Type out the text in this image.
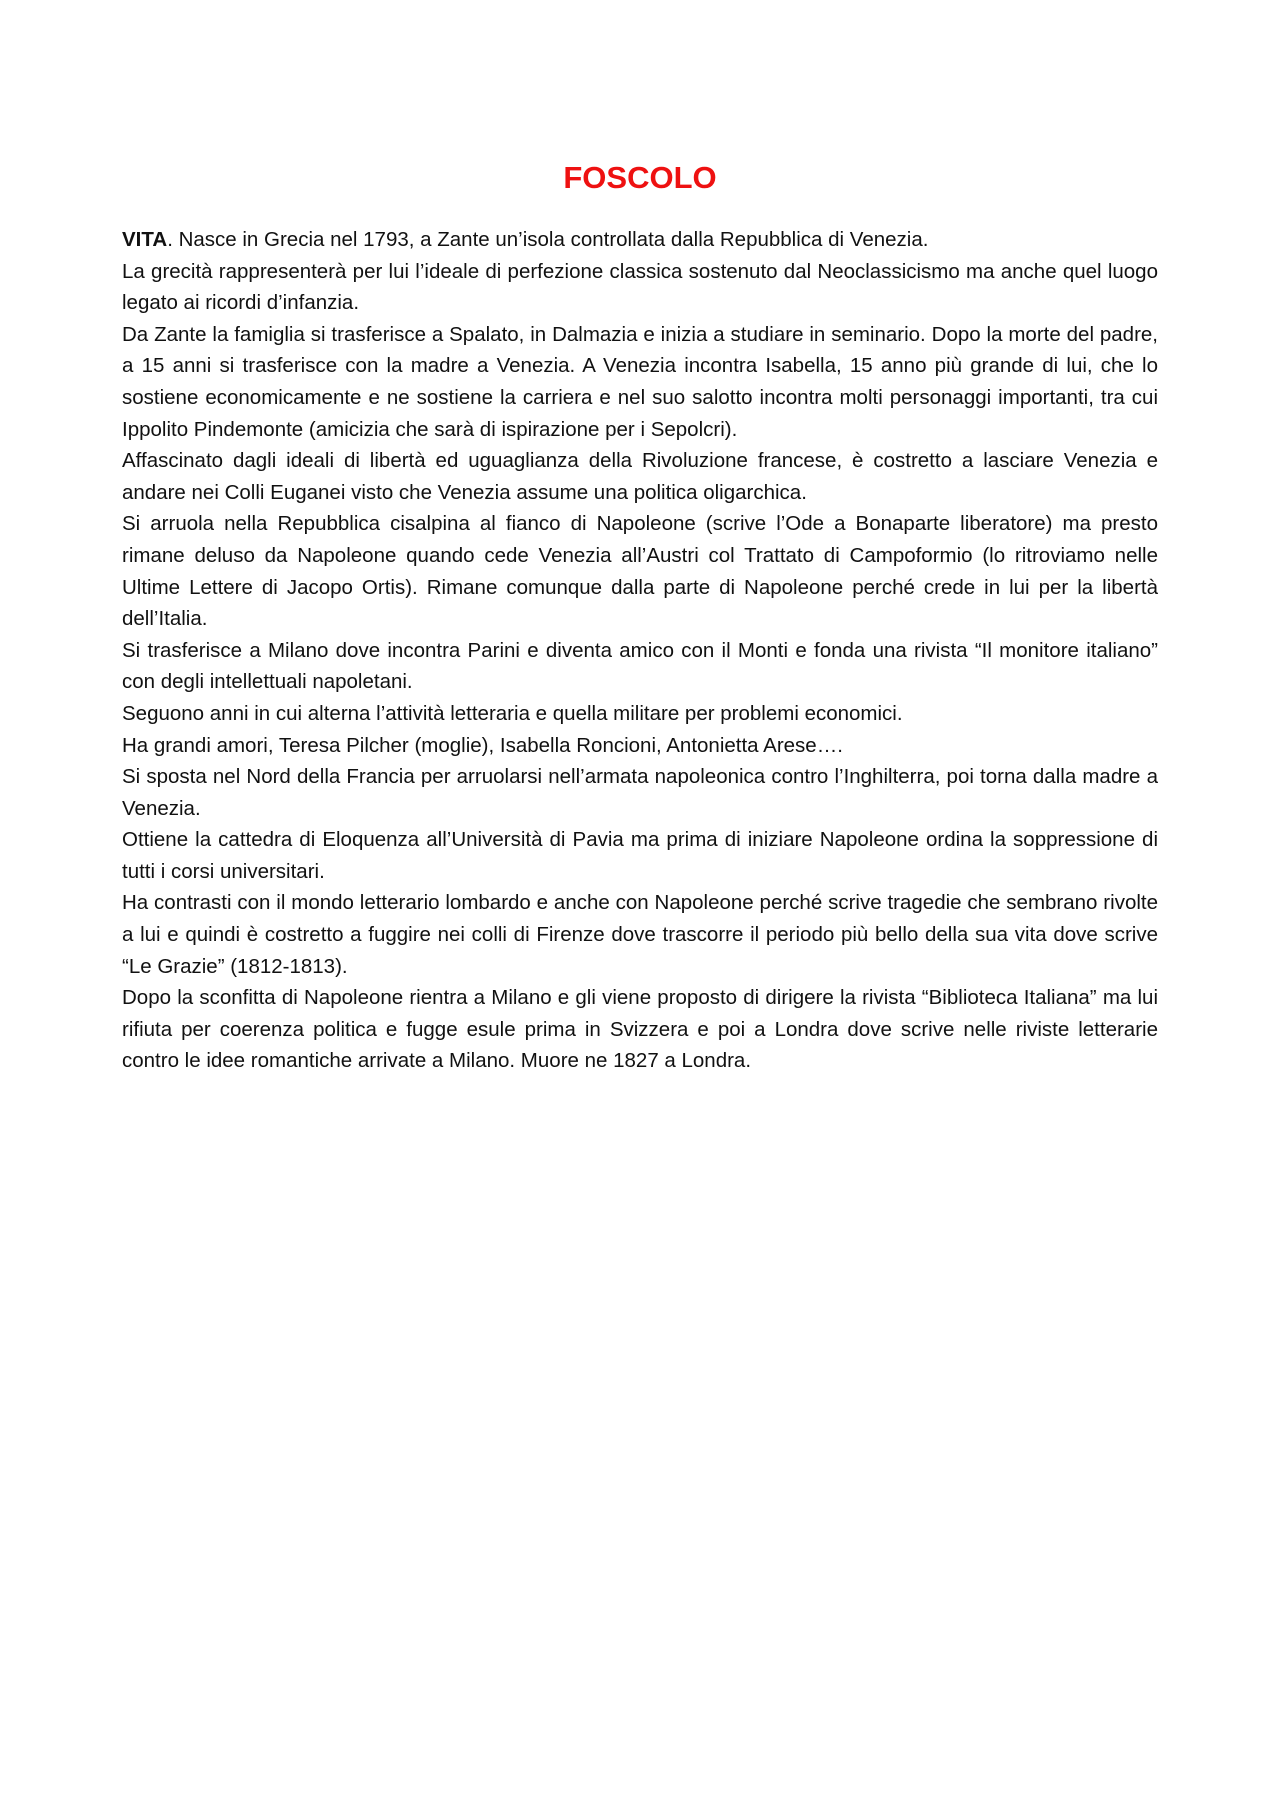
FOSCOLO

VITA. Nasce in Grecia nel 1793, a Zante un’isola controllata dalla Repubblica di Venezia.

La grecità rappresenterà per lui l’ideale di perfezione classica sostenuto dal Neoclassicismo ma anche quel luogo legato ai ricordi d’infanzia.

Da Zante la famiglia si trasferisce a Spalato, in Dalmazia e inizia a studiare in seminario. Dopo la morte del padre, a 15 anni si trasferisce con la madre a Venezia. A Venezia incontra Isabella, 15 anno più grande di lui, che lo sostiene economicamente e ne sostiene la carriera e nel suo salotto incontra molti personaggi importanti, tra cui Ippolito Pindemonte (amicizia che sarà di ispirazione per i Sepolcri).

Affascinato dagli ideali di libertà ed uguaglianza della Rivoluzione francese, è costretto a lasciare Venezia e andare nei Colli Euganei visto che Venezia assume una politica oligarchica.

Si arruola nella Repubblica cisalpina al fianco di Napoleone (scrive l’Ode a Bonaparte liberatore) ma presto rimane deluso da Napoleone quando cede Venezia all’Austri col Trattato di Campoformio (lo ritroviamo nelle Ultime Lettere di Jacopo Ortis). Rimane comunque dalla parte di Napoleone perché crede in lui per la libertà dell’Italia.

Si trasferisce a Milano dove incontra Parini e diventa amico con il Monti e fonda una rivista “Il monitore italiano” con degli intellettuali napoletani.

Seguono anni in cui alterna l’attività letteraria e quella militare per problemi economici.

Ha grandi amori, Teresa Pilcher (moglie), Isabella Roncioni, Antonietta Arese….

Si sposta nel Nord della Francia per arruolarsi nell’armata napoleonica contro l’Inghilterra, poi torna dalla madre a Venezia.

Ottiene la cattedra di Eloquenza all’Università di Pavia ma prima di iniziare Napoleone ordina la soppressione di tutti i corsi universitari.

Ha contrasti con il mondo letterario lombardo e anche con Napoleone perché scrive tragedie che sembrano rivolte a lui e quindi è costretto a fuggire nei colli di Firenze dove trascorre il periodo più bello della sua vita dove scrive “Le Grazie” (1812-1813).

Dopo la sconfitta di Napoleone rientra a Milano e gli viene proposto di dirigere la rivista “Biblioteca Italiana” ma lui rifiuta per coerenza politica e fugge esule prima in Svizzera e poi a Londra dove scrive nelle riviste letterarie contro le idee romantiche arrivate a Milano. Muore ne 1827 a Londra.
